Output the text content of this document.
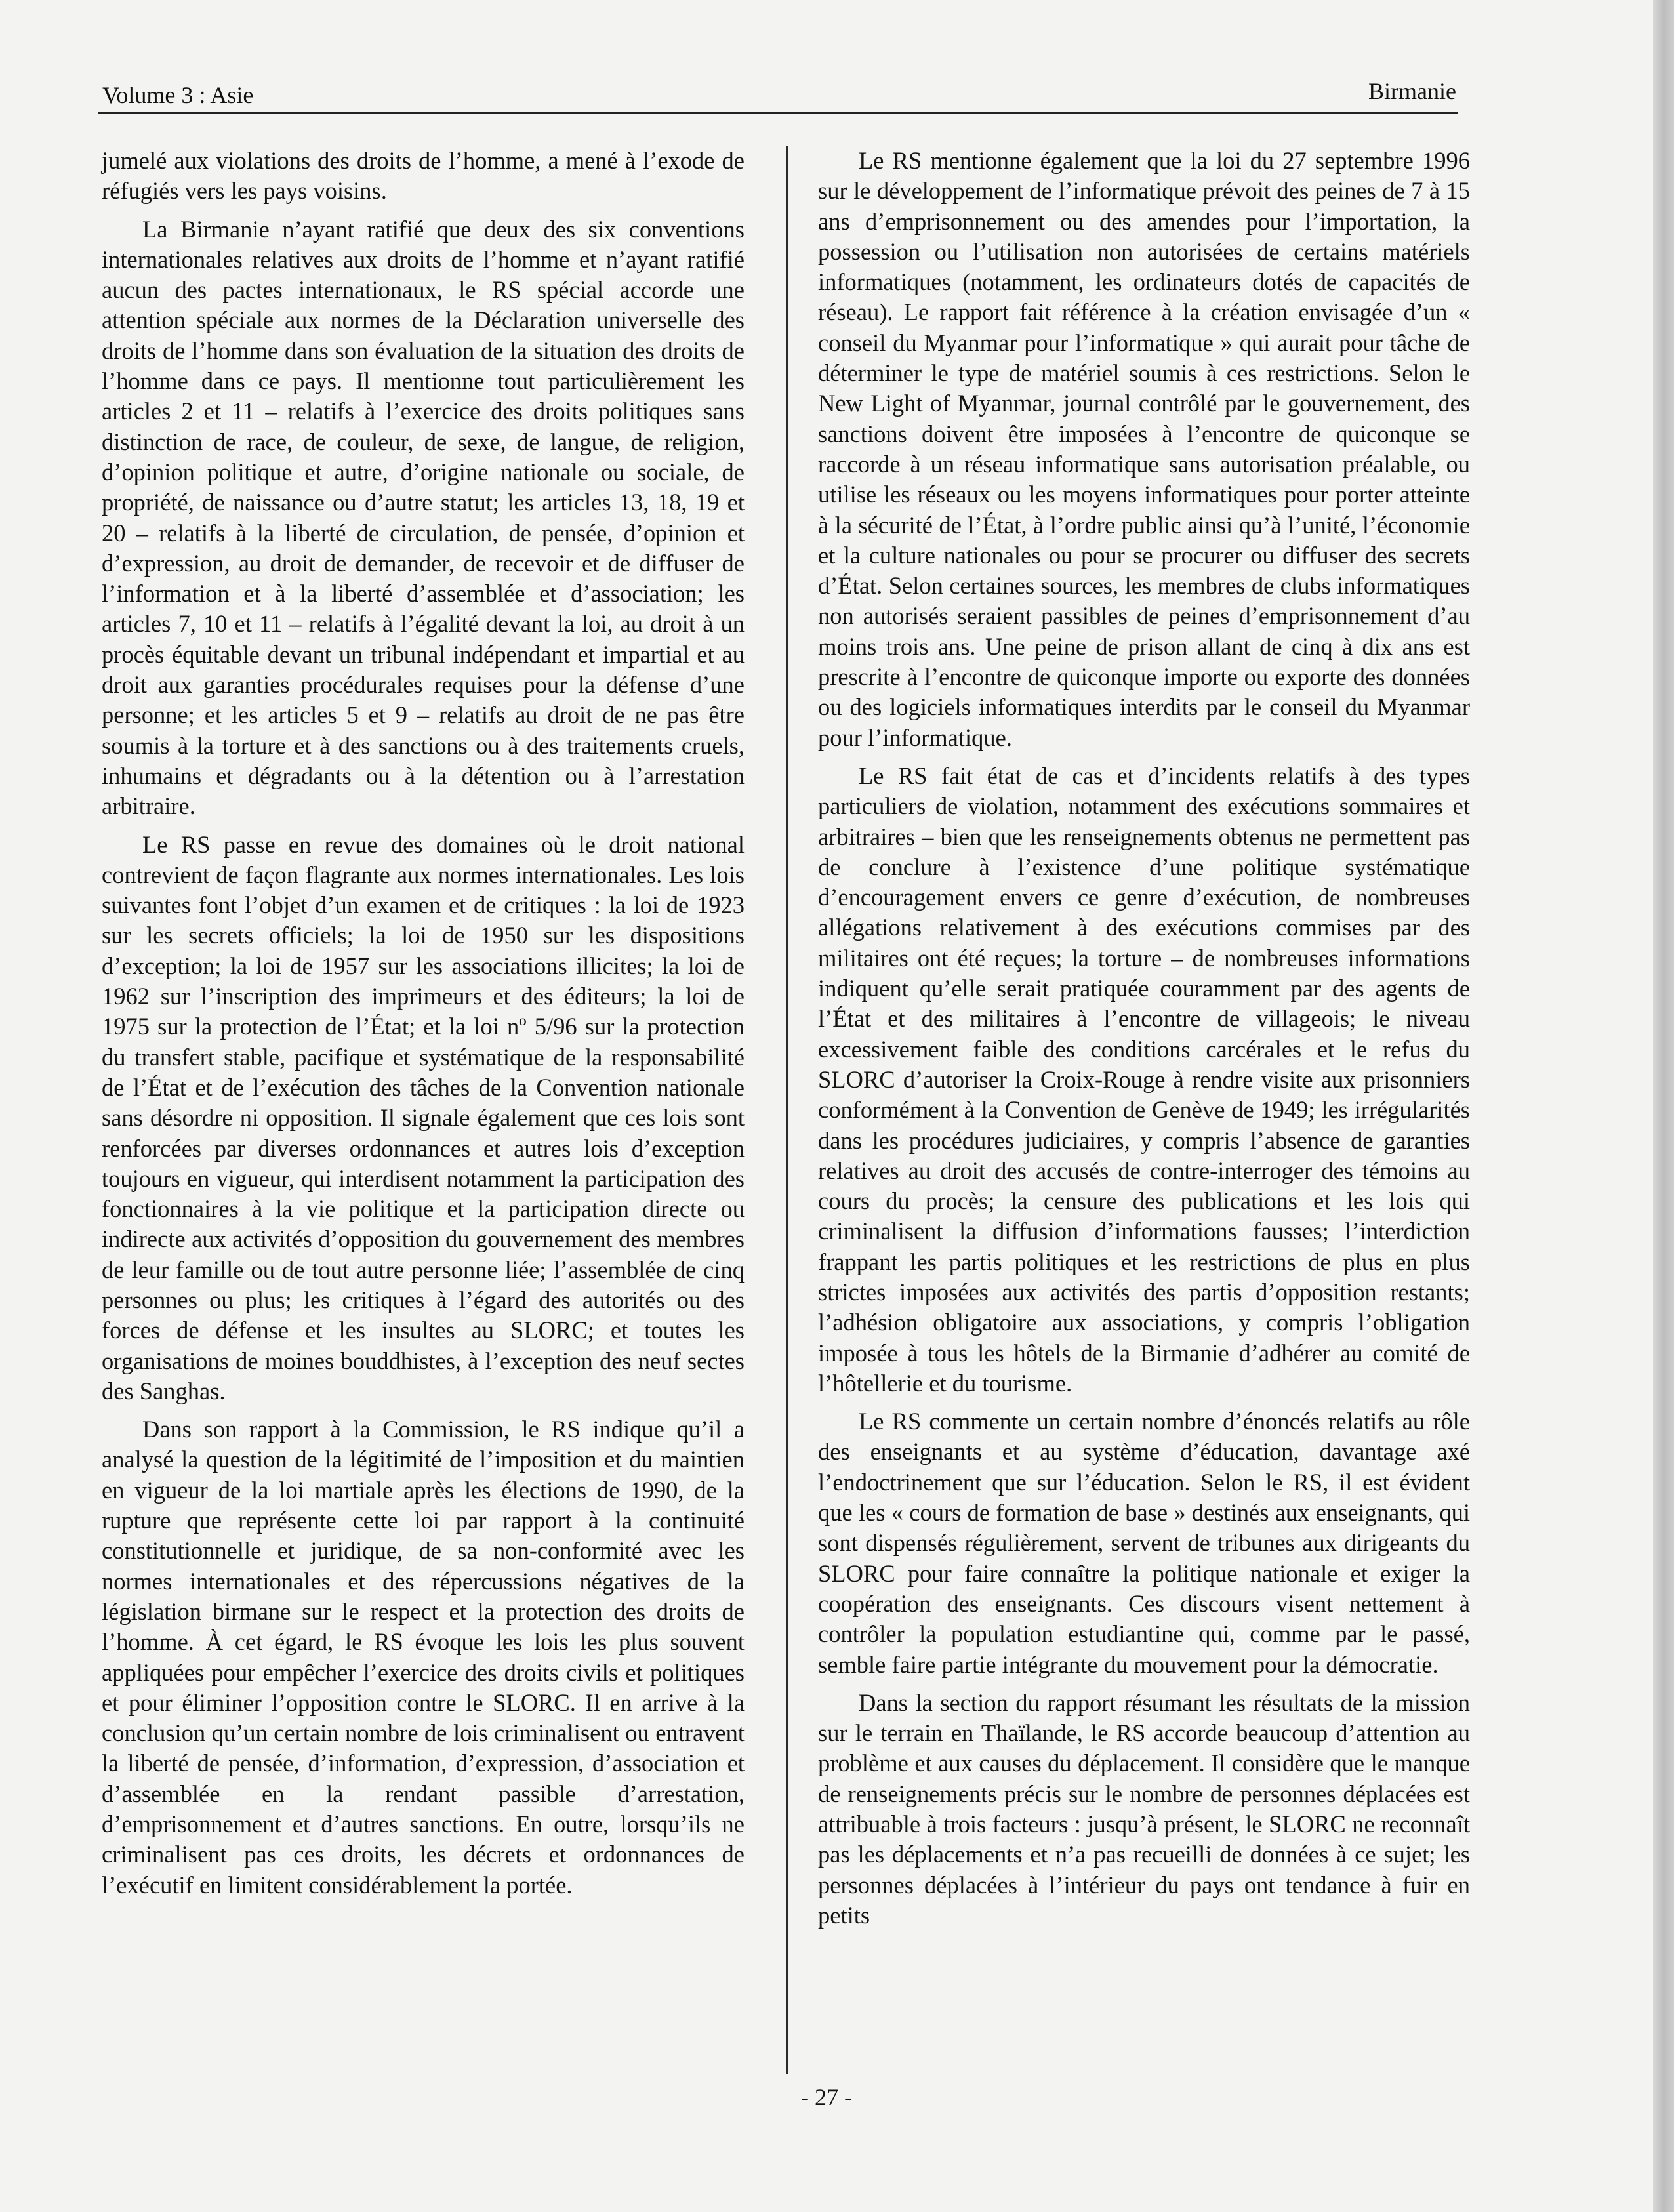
Volume 3 : Asie	Birmanie

jumelé aux violations des droits de l’homme, a mené à l’exode de réfugiés vers les pays voisins.

La Birmanie n’ayant ratifié que deux des six conventions internationales relatives aux droits de l’homme et n’ayant ratifié aucun des pactes internationaux, le RS spécial accorde une attention spéciale aux normes de la Déclaration universelle des droits de l’homme dans son évaluation de la situation des droits de l’homme dans ce pays. Il mentionne tout particulièrement les articles 2 et 11 – relatifs à l’exercice des droits politiques sans distinction de race, de couleur, de sexe, de langue, de religion, d’opinion politique et autre, d’origine nationale ou sociale, de propriété, de naissance ou d’autre statut; les articles 13, 18, 19 et 20 – relatifs à la liberté de circulation, de pensée, d’opinion et d’expression, au droit de demander, de recevoir et de diffuser de l’information et à la liberté d’assemblée et d’association; les articles 7, 10 et 11 – relatifs à l’égalité devant la loi, au droit à un procès équitable devant un tribunal indépendant et impartial et au droit aux garanties procédurales requises pour la défense d’une personne; et les articles 5 et 9 – relatifs au droit de ne pas être soumis à la torture et à des sanctions ou à des traitements cruels, inhumains et dégradants ou à la détention ou à l’arrestation arbitraire.

Le RS passe en revue des domaines où le droit national contrevient de façon flagrante aux normes internationales. Les lois suivantes font l’objet d’un examen et de critiques : la loi de 1923 sur les secrets officiels; la loi de 1950 sur les dispositions d’exception; la loi de 1957 sur les associations illicites; la loi de 1962 sur l’inscription des imprimeurs et des éditeurs; la loi de 1975 sur la protection de l’État; et la loi nº 5/96 sur la protection du transfert stable, pacifique et systématique de la responsabilité de l’État et de l’exécution des tâches de la Convention nationale sans désordre ni opposition. Il signale également que ces lois sont renforcées par diverses ordonnances et autres lois d’exception toujours en vigueur, qui interdisent notamment la participation des fonctionnaires à la vie politique et la participation directe ou indirecte aux activités d’opposition du gouvernement des membres de leur famille ou de tout autre personne liée; l’assemblée de cinq personnes ou plus; les critiques à l’égard des autorités ou des forces de défense et les insultes au SLORC; et toutes les organisations de moines bouddhistes, à l’exception des neuf sectes des Sanghas.

Dans son rapport à la Commission, le RS indique qu’il a analysé la question de la légitimité de l’imposition et du maintien en vigueur de la loi martiale après les élections de 1990, de la rupture que représente cette loi par rapport à la continuité constitutionnelle et juridique, de sa non-conformité avec les normes internationales et des répercussions négatives de la législation birmane sur le respect et la protection des droits de l’homme. À cet égard, le RS évoque les lois les plus souvent appliquées pour empêcher l’exercice des droits civils et politiques et pour éliminer l’opposition contre le SLORC. Il en arrive à la conclusion qu’un certain nombre de lois criminalisent ou entravent la liberté de pensée, d’information, d’expression, d’association et d’assemblée en la rendant passible d’arrestation, d’emprisonnement et d’autres sanctions. En outre, lorsqu’ils ne criminalisent pas ces droits, les décrets et ordonnances de l’exécutif en limitent considérablement la portée.

Le RS mentionne également que la loi du 27 septembre 1996 sur le développement de l’informatique prévoit des peines de 7 à 15 ans d’emprisonnement ou des amendes pour l’importation, la possession ou l’utilisation non autorisées de certains matériels informatiques (notamment, les ordinateurs dotés de capacités de réseau). Le rapport fait référence à la création envisagée d’un « conseil du Myanmar pour l’informatique » qui aurait pour tâche de déterminer le type de matériel soumis à ces restrictions. Selon le New Light of Myanmar, journal contrôlé par le gouvernement, des sanctions doivent être imposées à l’encontre de quiconque se raccorde à un réseau informatique sans autorisation préalable, ou utilise les réseaux ou les moyens informatiques pour porter atteinte à la sécurité de l’État, à l’ordre public ainsi qu’à l’unité, l’économie et la culture nationales ou pour se procurer ou diffuser des secrets d’État. Selon certaines sources, les membres de clubs informatiques non autorisés seraient passibles de peines d’emprisonnement d’au moins trois ans. Une peine de prison allant de cinq à dix ans est prescrite à l’encontre de quiconque importe ou exporte des données ou des logiciels informatiques interdits par le conseil du Myanmar pour l’informatique.

Le RS fait état de cas et d’incidents relatifs à des types particuliers de violation, notamment des exécutions sommaires et arbitraires – bien que les renseignements obtenus ne permettent pas de conclure à l’existence d’une politique systématique d’encouragement envers ce genre d’exécution, de nombreuses allégations relativement à des exécutions commises par des militaires ont été reçues; la torture – de nombreuses informations indiquent qu’elle serait pratiquée couramment par des agents de l’État et des militaires à l’encontre de villageois; le niveau excessivement faible des conditions carcérales et le refus du SLORC d’autoriser la Croix-Rouge à rendre visite aux prisonniers conformément à la Convention de Genève de 1949; les irrégularités dans les procédures judiciaires, y compris l’absence de garanties relatives au droit des accusés de contre-interroger des témoins au cours du procès; la censure des publications et les lois qui criminalisent la diffusion d’informations fausses; l’interdiction frappant les partis politiques et les restrictions de plus en plus strictes imposées aux activités des partis d’opposition restants; l’adhésion obligatoire aux associations, y compris l’obligation imposée à tous les hôtels de la Birmanie d’adhérer au comité de l’hôtellerie et du tourisme.

Le RS commente un certain nombre d’énoncés relatifs au rôle des enseignants et au système d’éducation, davantage axé l’endoctrinement que sur l’éducation. Selon le RS, il est évident que les « cours de formation de base » destinés aux enseignants, qui sont dispensés régulièrement, servent de tribunes aux dirigeants du SLORC pour faire connaître la politique nationale et exiger la coopération des enseignants. Ces discours visent nettement à contrôler la population estudiantine qui, comme par le passé, semble faire partie intégrante du mouvement pour la démocratie.

Dans la section du rapport résumant les résultats de la mission sur le terrain en Thaïlande, le RS accorde beaucoup d’attention au problème et aux causes du déplacement. Il considère que le manque de renseignements précis sur le nombre de personnes déplacées est attribuable à trois facteurs : jusqu’à présent, le SLORC ne reconnaît pas les déplacements et n’a pas recueilli de données à ce sujet; les personnes déplacées à l’intérieur du pays ont tendance à fuir en petits

- 27 -
